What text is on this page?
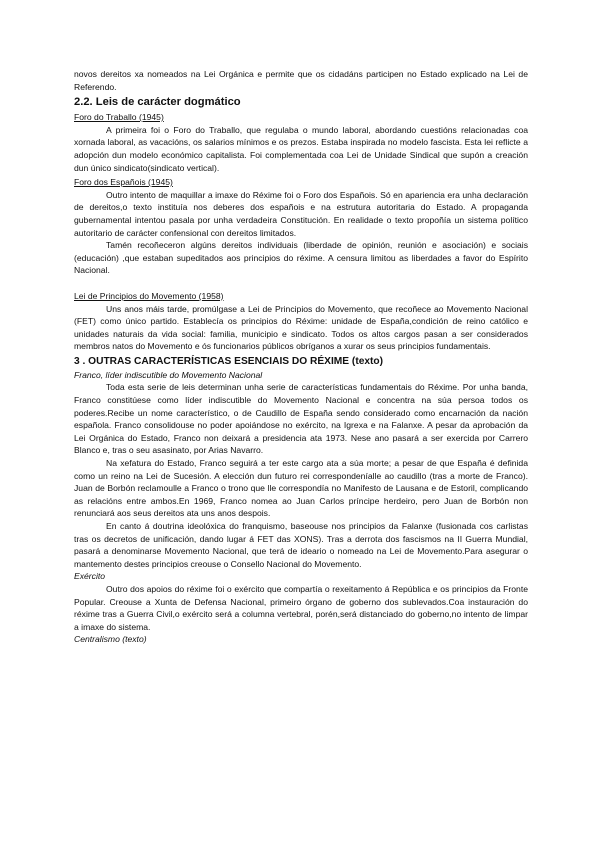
novos dereitos xa nomeados na Lei Orgánica e permite que os cidadáns participen no Estado explicado na Lei de Referendo.

2.2. Leis de carácter dogmático
Foro do Traballo (1945)

A primeira foi o Foro do Traballo, que regulaba o mundo laboral, abordando cuestións relacionadas coa xornada laboral, as vacacións, os salarios mínimos e os prezos. Estaba inspirada no modelo fascista. Esta lei reflicte a adopción dun modelo económico capitalista. Foi complementada coa Lei de Unidade Sindical que supón a creación dun único sindicato(sindicato vertical).

Foro dos Españois (1945)

Outro intento de maquillar a imaxe do Réxime foi o Foro dos Españois. Só en apariencia era unha declaración de dereitos,o texto instituía nos deberes dos españois e na estrutura autoritaria do Estado. A propaganda gubernamental intentou pasala por unha verdadeira Constitución. En realidade o texto propoñía un sistema político autoritario de carácter confensional con dereitos limitados.

Tamén recoñeceron algúns dereitos individuais (liberdade de opinión, reunión e asociación) e sociais (educación) ,que estaban supeditados aos principios do réxime. A censura limitou as liberdades a favor do Espírito Nacional.

Lei de Principios do Movemento (1958)

Uns anos máis tarde, promúlgase a Lei de Principios do Movemento, que recoñece ao Movemento Nacional (FET) como único partido. Establecía os principios do Réxime: unidade de España,condición de reino católico e unidades naturais da vida social: familia, municipio e sindicato. Todos os altos cargos pasan a ser considerados membros natos do Movemento e ós funcionarios públicos obríganos a xurar os seus principios fundamentais.

3 . OUTRAS CARACTERÍSTICAS ESENCIAIS DO RÉXIME (texto)
Franco, líder indiscutible do Movemento Nacional

Toda esta serie de leis determinan unha serie de características fundamentais do Réxime. Por unha banda, Franco constitúese como líder indiscutible do Movemento Nacional e concentra na súa persoa todos os poderes.Recibe un nome característico, o de Caudillo de España sendo considerado como encarnación da nación española. Franco consolidouse no poder apoiándose no exército, na Igrexa e na Falanxe. A pesar da aprobación da Lei Orgánica do Estado, Franco non deixará a presidencia ata 1973. Nese ano pasará a ser exercida por Carrero Blanco e, tras o seu asasinato, por Arias Navarro.

Na xefatura do Estado, Franco seguirá a ter este cargo ata a súa morte; a pesar de que España é definida como un reino na Lei de Sucesión. A elección dun futuro rei correspondeníalle ao caudillo (tras a morte de Franco). Juan de Borbón reclamoulle a Franco o trono que lle correspondía no Manifesto de Lausana e de Estoril, complicando as relacións entre ambos.En 1969, Franco nomea ao Juan Carlos príncipe herdeiro, pero Juan de Borbón non renunciará aos seus dereitos ata uns anos despois.

En canto á doutrina ideolóxica do franquismo, baseouse nos principios da Falanxe (fusionada cos carlistas tras os decretos de unificación, dando lugar á FET das XONS). Tras a derrota dos fascismos na II Guerra Mundial, pasará a denominarse Movemento Nacional, que terá de ideario o nomeado na Lei de Movemento.Para asegurar o mantemento destes principios creouse o Consello Nacional do Movemento.

Exército

Outro dos apoios do réxime foi o exército que compartía o rexeitamento á República e os principios da Fronte Popular. Creouse a Xunta de Defensa Nacional, primeiro órgano de goberno dos sublevados.Coa instauración do réxime tras a Guerra Civil,o exército será a columna vertebral, porén,será distanciado do goberno,no intento de limpar a imaxe do sistema.

Centralismo (texto)
